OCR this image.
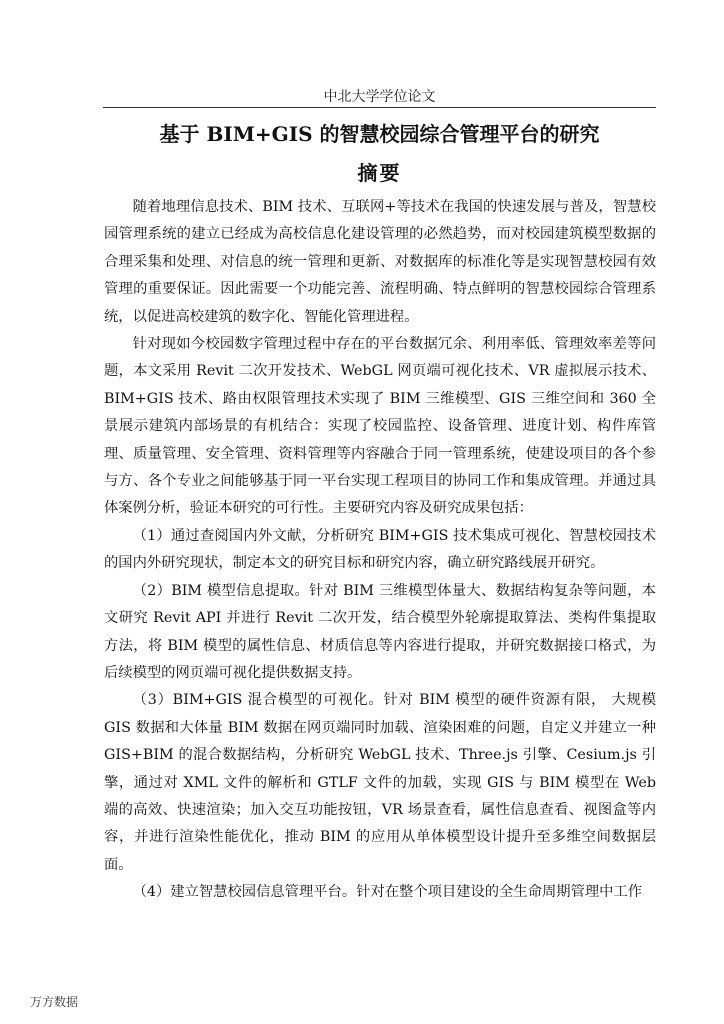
中北大学学位论文
基于 BIM+GIS 的智慧校园综合管理平台的研究
摘要

随着地理信息技术、BIM 技术、互联网+等技术在我国的快速发展与普及，智慧校园管理系统的建立已经成为高校信息化建设管理的必然趋势，而对校园建筑模型数据的合理采集和处理、对信息的统一管理和更新、对数据库的标准化等是实现智慧校园有效管理的重要保证。因此需要一个功能完善、流程明确、特点鲜明的智慧校园综合管理系统，以促进高校建筑的数字化、智能化管理进程。

针对现如今校园数字管理过程中存在的平台数据冗余、利用率低、管理效率差等问题，本文采用 Revit 二次开发技术、WebGL 网页端可视化技术、VR 虚拟展示技术、BIM+GIS 技术、路由权限管理技术实现了 BIM 三维模型、GIS 三维空间和 360 全景展示建筑内部场景的有机结合：实现了校园监控、设备管理、进度计划、构件库管理、质量管理、安全管理、资料管理等内容融合于同一管理系统，使建设项目的各个参与方、各个专业之间能够基于同一平台实现工程项目的协同工作和集成管理。并通过具体案例分析，验证本研究的可行性。主要研究内容及研究成果包括：

（1）通过查阅国内外文献，分析研究 BIM+GIS 技术集成可视化、智慧校园技术的国内外研究现状，制定本文的研究目标和研究内容，确立研究路线展开研究。

（2）BIM 模型信息提取。针对 BIM 三维模型体量大、数据结构复杂等问题，本文研究 Revit API 并进行 Revit 二次开发，结合模型外轮廓提取算法、类构件集提取方法，将 BIM 模型的属性信息、材质信息等内容进行提取，并研究数据接口格式，为后续模型的网页端可视化提供数据支持。

（3）BIM+GIS 混合模型的可视化。针对 BIM 模型的硬件资源有限， 大规模 GIS 数据和大体量 BIM 数据在网页端同时加载、渲染困难的问题，自定义并建立一种 GIS+BIM 的混合数据结构，分析研究 WebGL 技术、Three.js 引擎、Cesium.js 引擎，通过对 XML 文件的解析和 GTLF 文件的加载，实现 GIS 与 BIM 模型在 Web 端的高效、快速渲染；加入交互功能按钮，VR 场景查看，属性信息查看、视图盒等内容，并进行渲染性能优化，推动 BIM 的应用从单体模型设计提升至多维空间数据层面。

（4）建立智慧校园信息管理平台。针对在整个项目建设的全生命周期管理中工作

万方数据
